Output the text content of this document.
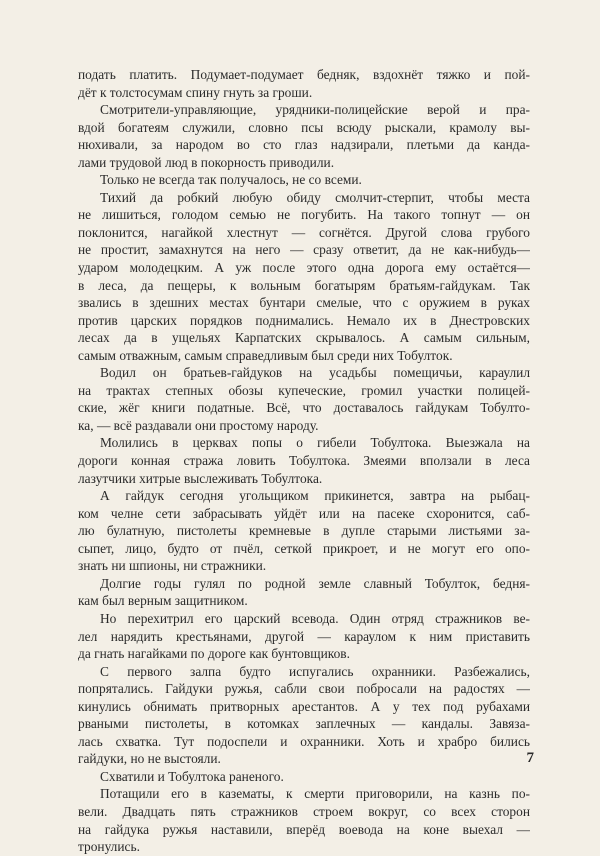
подать платить. Подумает-подумает бедняк, вздохнёт тяжко и пой-
дёт к толстосумам спину гнуть за гроши.
Смотрители-управляющие, урядники-полицейские верой и пра-
вдой богатеям служили, словно псы всюду рыскали, крамолу вы-
нюхивали, за народом во сто глаз надзирали, плетьми да канда-
лами трудовой люд в покорность приводили.
Только не всегда так получалось, не со всеми.
Тихий да робкий любую обиду смолчит-стерпит, чтобы места
не лишиться, голодом семью не погубить. На такого топнут — он
поклонится, нагайкой хлестнут — согнётся. Другой слова грубого
не простит, замахнутся на него — сразу ответит, да не как-нибудь—
ударом молодецким. А уж после этого одна дорога ему остаётся—
в леса, да пещеры, к вольным богатырям братьям-гайдукам. Так
звались в здешних местах бунтари смелые, что с оружием в руках
против царских порядков поднимались. Немало их в Днестровских
лесах да в ущельях Карпатских скрывалось. А самым сильным,
самым отважным, самым справедливым был среди них Тобултoк.
Водил он братьев-гайдуков на усадьбы помещичьи, караулил
на трактах степных обозы купеческие, громил участки полицей-
ские, жёг книги податные. Всё, что доставалось гайдукам Тобулто-
ка, — всё раздавали они простому народу.
Молились в церквах попы о гибели Тобултока. Выезжала на
дороги конная стража ловить Тобултока. Змеями вползали в леса
лазутчики хитрые выслеживать Тобултока.
А гайдук сегодня угольщиком прикинется, завтра на рыбац-
ком челне сети забрасывать уйдёт или на пасеке схоронится, саб-
лю булатную, пистолеты кремневые в дупле старыми листьями за-
сыпет, лицо, будто от пчёл, сеткой прикроет, и не могут его опо-
знать ни шпионы, ни стражники.
Долгие годы гулял по родной земле славный Тобултoк, бедня-
кам был верным защитником.
Но перехитрил его царский всевода. Один отряд стражников ве-
лел нарядить крестьянами, другой — караулом к ним приставить
да гнать нагайками по дороге как бунтовщиков.
С первого залпа будто испугались охранники. Разбежались,
попрятались. Гайдуки ружья, сабли свои побросали на радостях —
кинулись обнимать притворных арестантов. А у тех под рубахами
рваными пистолеты, в котомках заплечных — кандалы. Завяза-
лась схватка. Тут подоспели и охранники. Хоть и храбро бились
гайдуки, но не выстояли.
Схватили и Тобултока раненого.
Потащили его в казематы, к смерти приговорили, на казнь по-
вели. Двадцать пять стражников строем вокруг, со всех сторон
на гайдука ружья наставили, вперёд воевода на коне выехал —
тронулись.
7
